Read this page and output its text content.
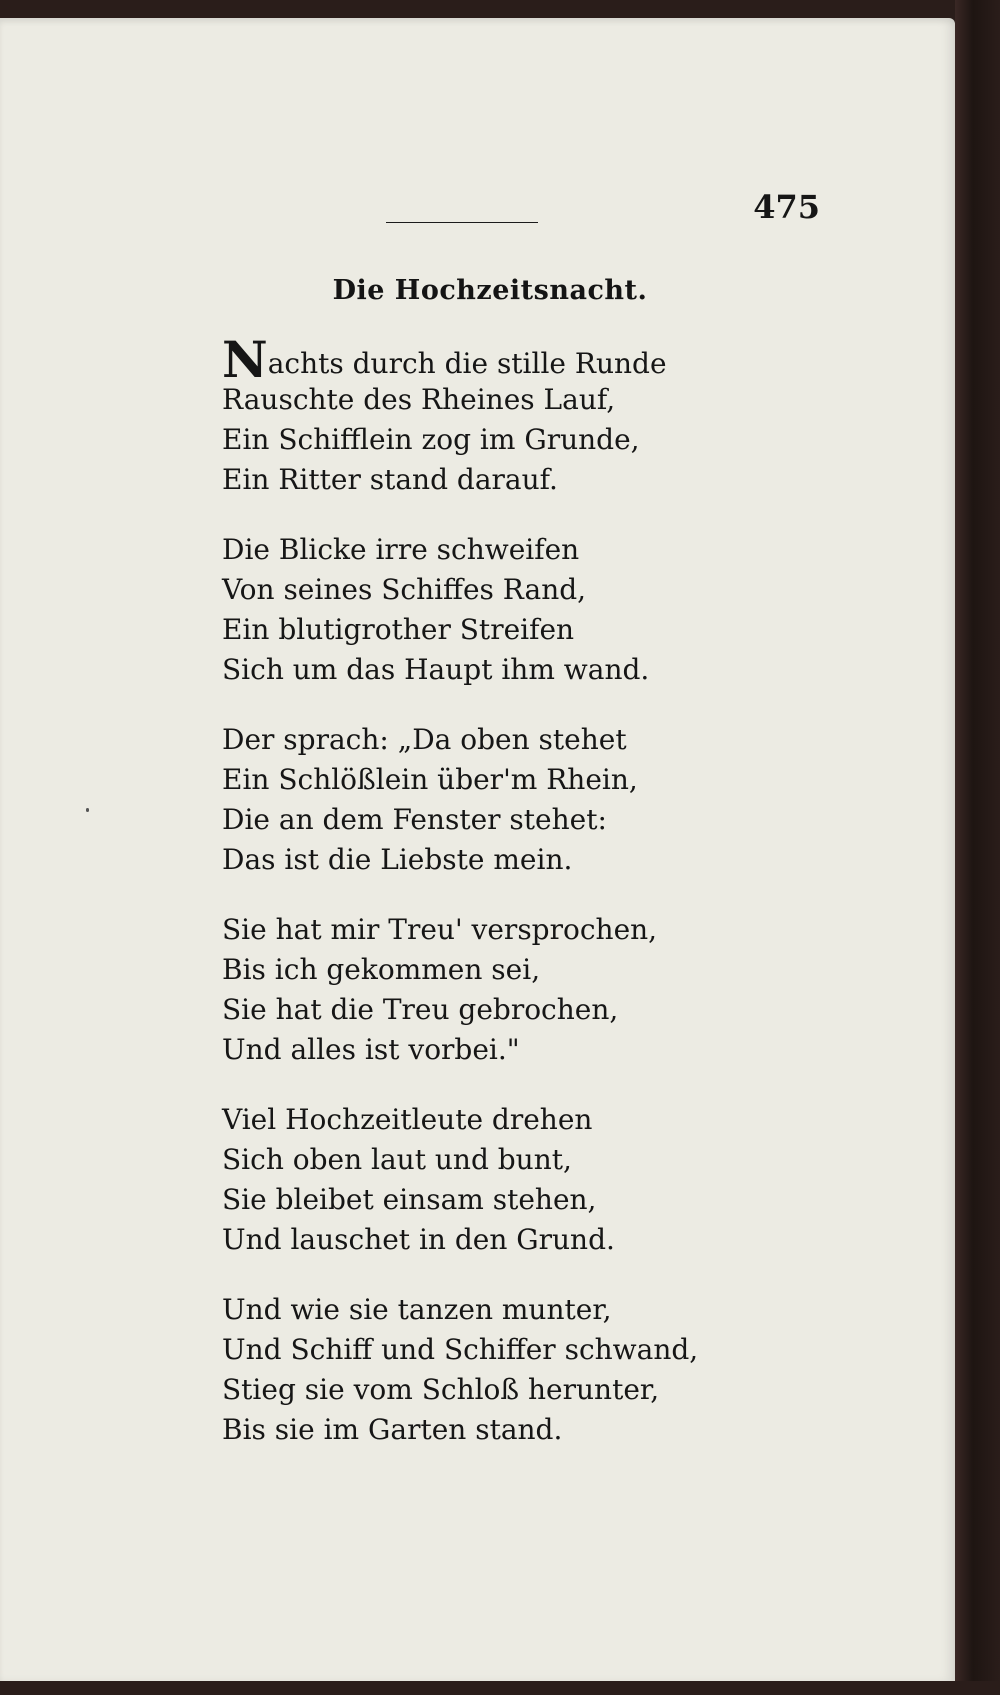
475
Die Hochzeitsnacht.
Nachts durch die stille Runde
Rauschte des Rheines Lauf,
Ein Schifflein zog im Grunde,
Ein Ritter stand darauf.
Die Blicke irre schweifen
Von seines Schiffes Rand,
Ein blutigrother Streifen
Sich um das Haupt ihm wand.
Der sprach: „Da oben stehet
Ein Schlößlein über'm Rhein,
Die an dem Fenster stehet:
Das ist die Liebste mein.
Sie hat mir Treu' versprochen,
Bis ich gekommen sei,
Sie hat die Treu gebrochen,
Und alles ist vorbei."
Viel Hochzeitleute drehen
Sich oben laut und bunt,
Sie bleibet einsam stehen,
Und lauschet in den Grund.
Und wie sie tanzen munter,
Und Schiff und Schiffer schwand,
Stieg sie vom Schloß herunter,
Bis sie im Garten stand.
